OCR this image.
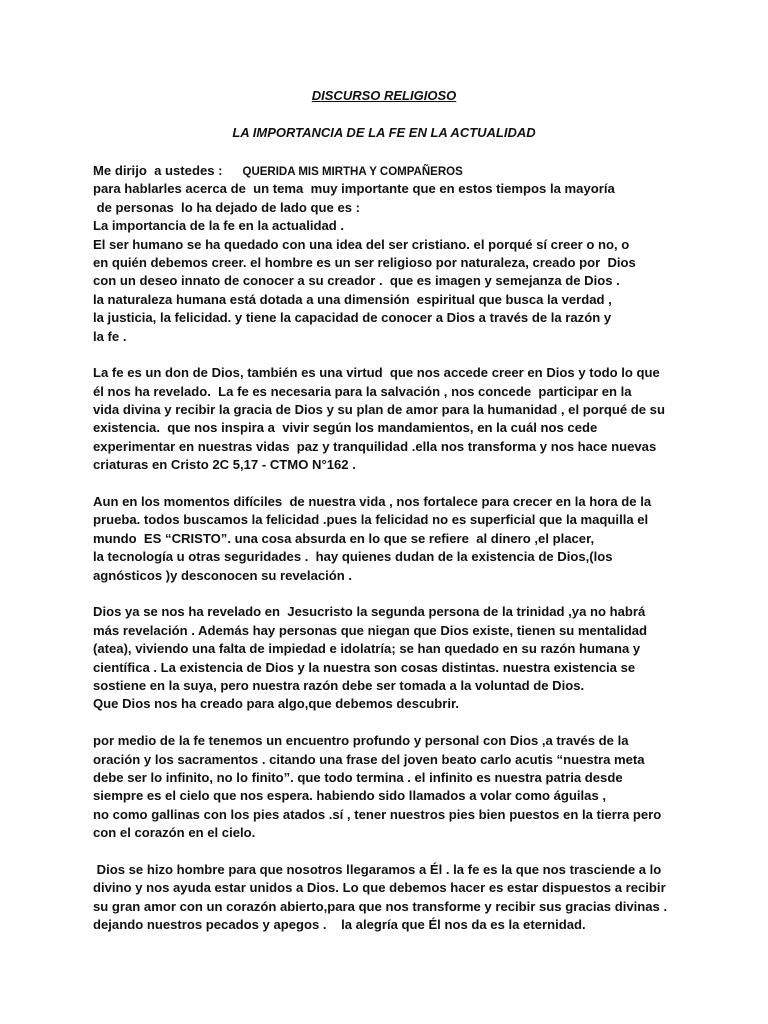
DISCURSO RELIGIOSO
LA IMPORTANCIA DE LA FE EN LA ACTUALIDAD
Me dirijo  a ustedes : QUERIDA MIS MIRTHA Y COMPAÑEROS
para hablarles acerca de  un tema  muy importante que en estos tiempos la mayoría
de personas  lo ha dejado de lado que es :
La importancia de la fe en la actualidad .
El ser humano se ha quedado con una idea del ser cristiano. el porqué sí creer o no, o
en quién debemos creer. el hombre es un ser religioso por naturaleza, creado por  Dios
con un deseo innato de conocer a su creador .  que es imagen y semejanza de Dios .
la naturaleza humana está dotada a una dimensión  espiritual que busca la verdad ,
la justicia, la felicidad. y tiene la capacidad de conocer a Dios a través de la razón y
la fe .
La fe es un don de Dios, también es una virtud  que nos accede creer en Dios y todo lo que
él nos ha revelado.  La fe es necesaria para la salvación , nos concede  participar en la
vida divina y recibir la gracia de Dios y su plan de amor para la humanidad , el porqué de su
existencia.  que nos inspira a  vivir según los mandamientos, en la cuál nos cede
experimentar en nuestras vidas  paz y tranquilidad .ella nos transforma y nos hace nuevas
criaturas en Cristo 2C 5,17 - CTMO N°162 .
Aun en los momentos difíciles  de nuestra vida , nos fortalece para crecer en la hora de la
prueba. todos buscamos la felicidad .pues la felicidad no es superficial que la maquilla el
mundo  ES “CRISTO”. una cosa absurda en lo que se refiere  al dinero ,el placer,
la tecnología u otras seguridades .  hay quienes dudan de la existencia de Dios,(los
agnósticos )y desconocen su revelación .
Dios ya se nos ha revelado en  Jesucristo la segunda persona de la trinidad ,ya no habrá
más revelación . Además hay personas que niegan que Dios existe, tienen su mentalidad
(atea), viviendo una falta de impiedad e idolatría; se han quedado en su razón humana y
científica . La existencia de Dios y la nuestra son cosas distintas. nuestra existencia se
sostiene en la suya, pero nuestra razón debe ser tomada a la voluntad de Dios.
Que Dios nos ha creado para algo,que debemos descubrir.
por medio de la fe tenemos un encuentro profundo y personal con Dios ,a través de la
oración y los sacramentos . citando una frase del joven beato carlo acutis “nuestra meta
debe ser lo infinito, no lo finito”. que todo termina . el infinito es nuestra patria desde
siempre es el cielo que nos espera. habiendo sido llamados a volar como águilas ,
no como gallinas con los pies atados .sí , tener nuestros pies bien puestos en la tierra pero
con el corazón en el cielo.
Dios se hizo hombre para que nosotros llegaramos a Él . la fe es la que nos trasciende a lo
divino y nos ayuda estar unidos a Dios. Lo que debemos hacer es estar dispuestos a recibir
su gran amor con un corazón abierto,para que nos transforme y recibir sus gracias divinas .
dejando nuestros pecados y apegos .    la alegría que Él nos da es la eternidad.
